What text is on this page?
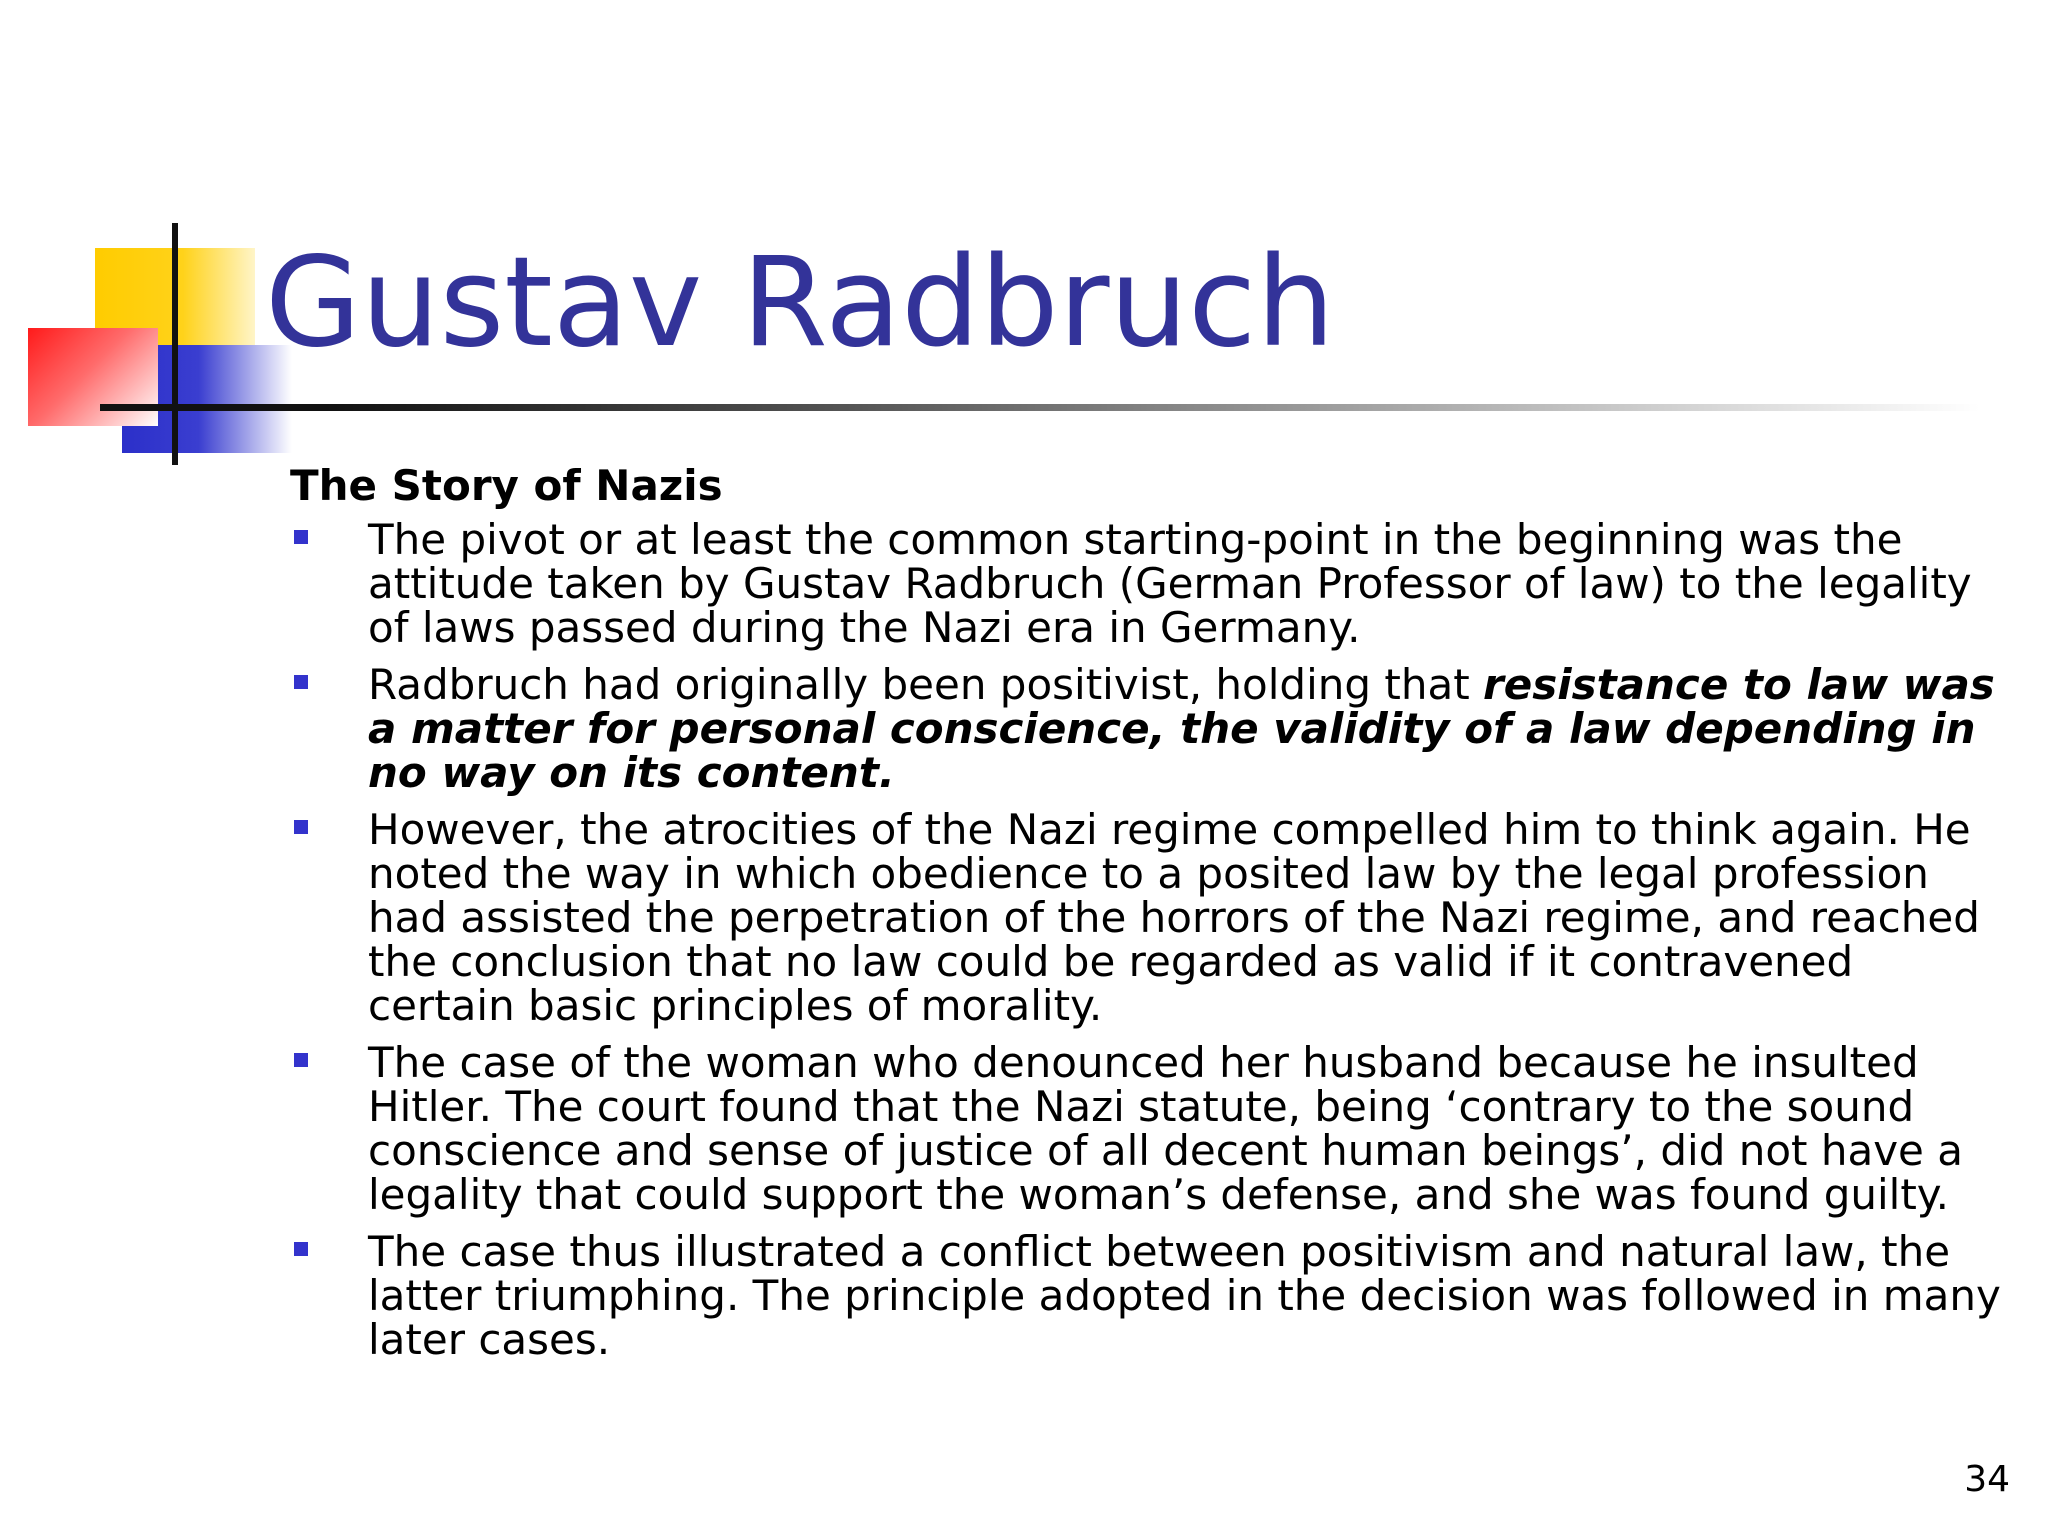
Gustav Radbruch
The Story of Nazis
The pivot or at least the common starting-point in the beginning was the attitude taken by Gustav Radbruch (German Professor of law) to the legality of laws passed during the Nazi era in Germany.
Radbruch had originally been positivist, holding that resistance to law was a matter for personal conscience, the validity of a law depending in no way on its content.
However, the atrocities of the Nazi regime compelled him to think again. He noted the way in which obedience to a posited law by the legal profession had assisted the perpetration of the horrors of the Nazi regime, and reached the conclusion that no law could be regarded as valid if it contravened certain basic principles of morality.
The case of the woman who denounced her husband because he insulted Hitler. The court found that the Nazi statute, being ‘contrary to the sound conscience and sense of justice of all decent human beings’, did not have a legality that could support the woman’s defense, and she was found guilty.
The case thus illustrated a conflict between positivism and natural law, the latter triumphing. The principle adopted in the decision was followed in many later cases.
34
